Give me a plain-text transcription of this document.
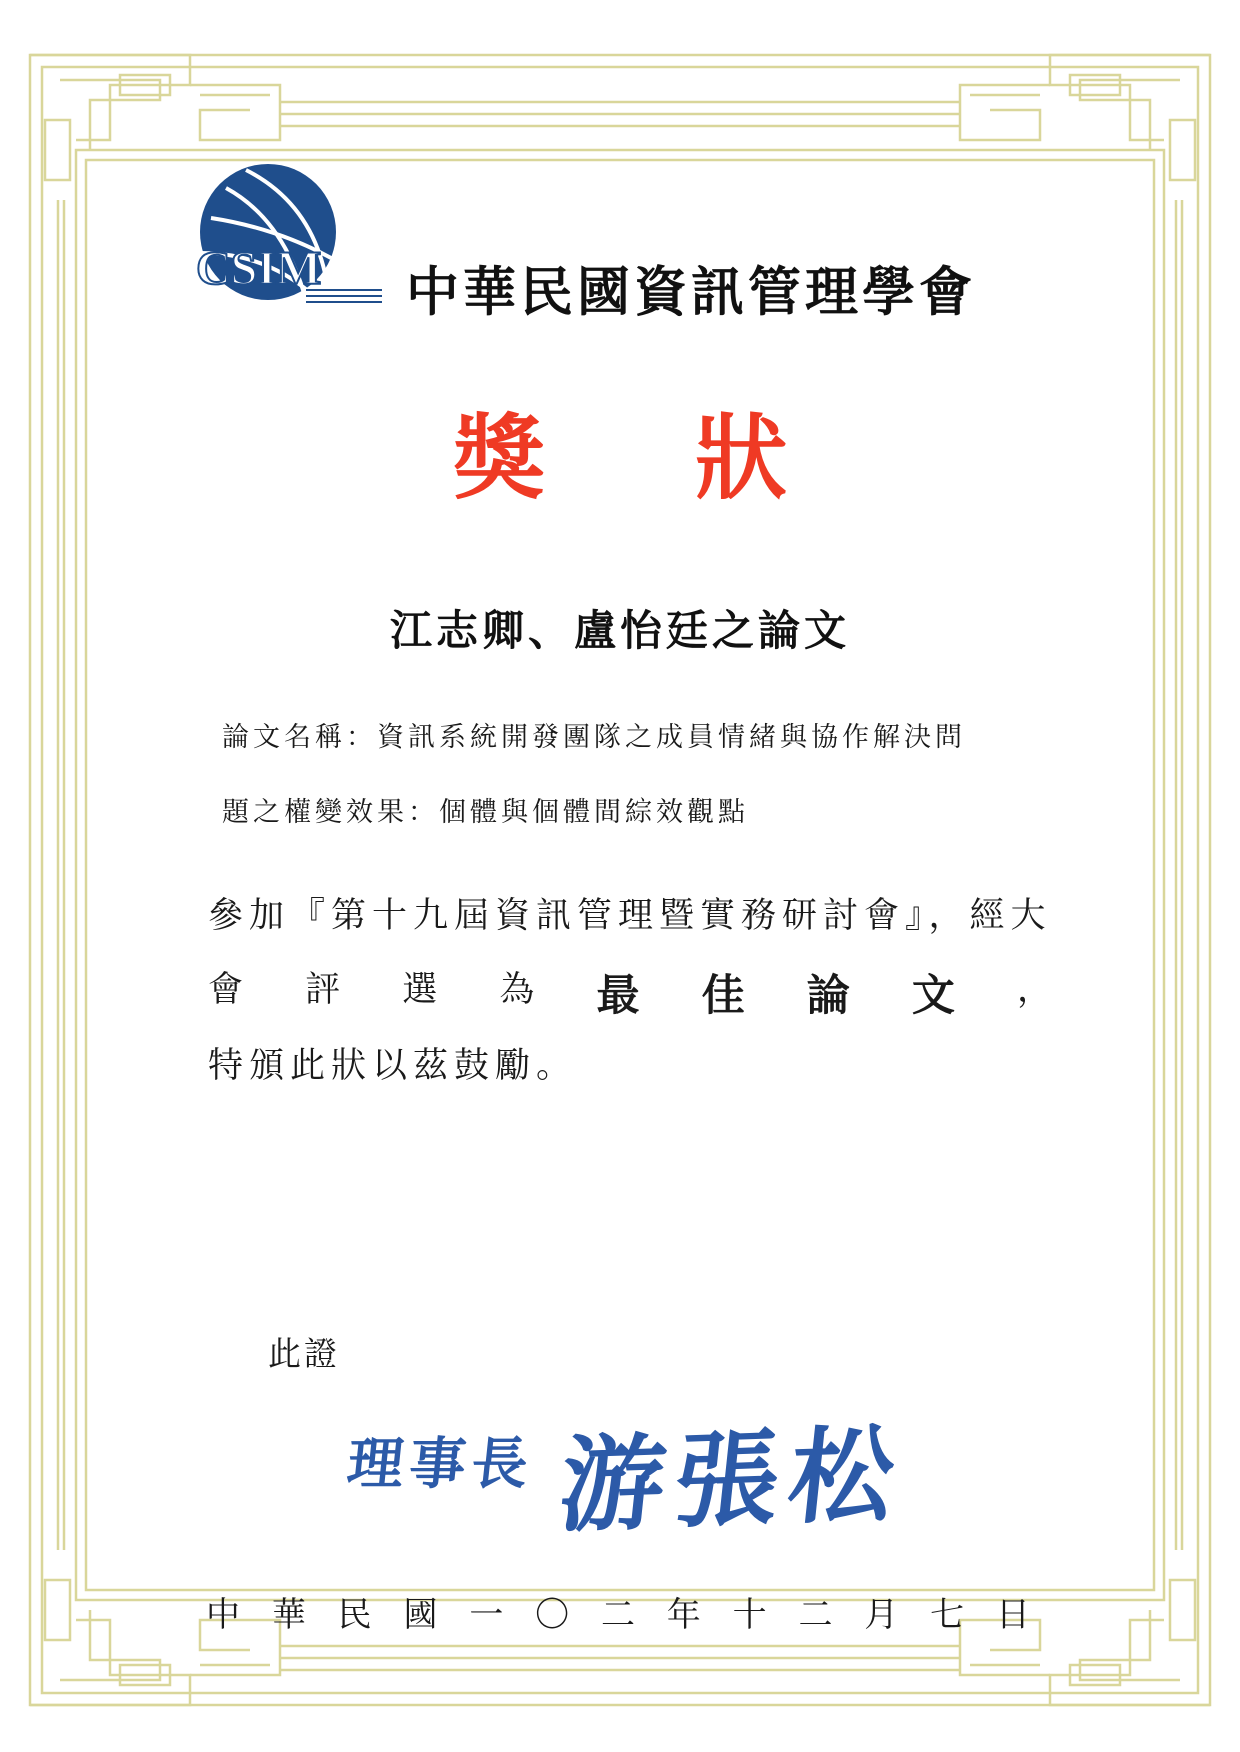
CSIM 中華民國資訊管理學會
獎狀
江志卿、盧怡廷之論文
論文名稱：資訊系統開發團隊之成員情緒與協作解決問
題之權變效果：個體與個體間綜效觀點
參加『第十九屆資訊管理暨實務研討會』，經大
會 評 選 為 最 佳 論 文 ，
特頒此狀以茲鼓勵。
此證
理事長 游張松
中 華 民 國 一 〇 二 年 十 二 月 七 日
